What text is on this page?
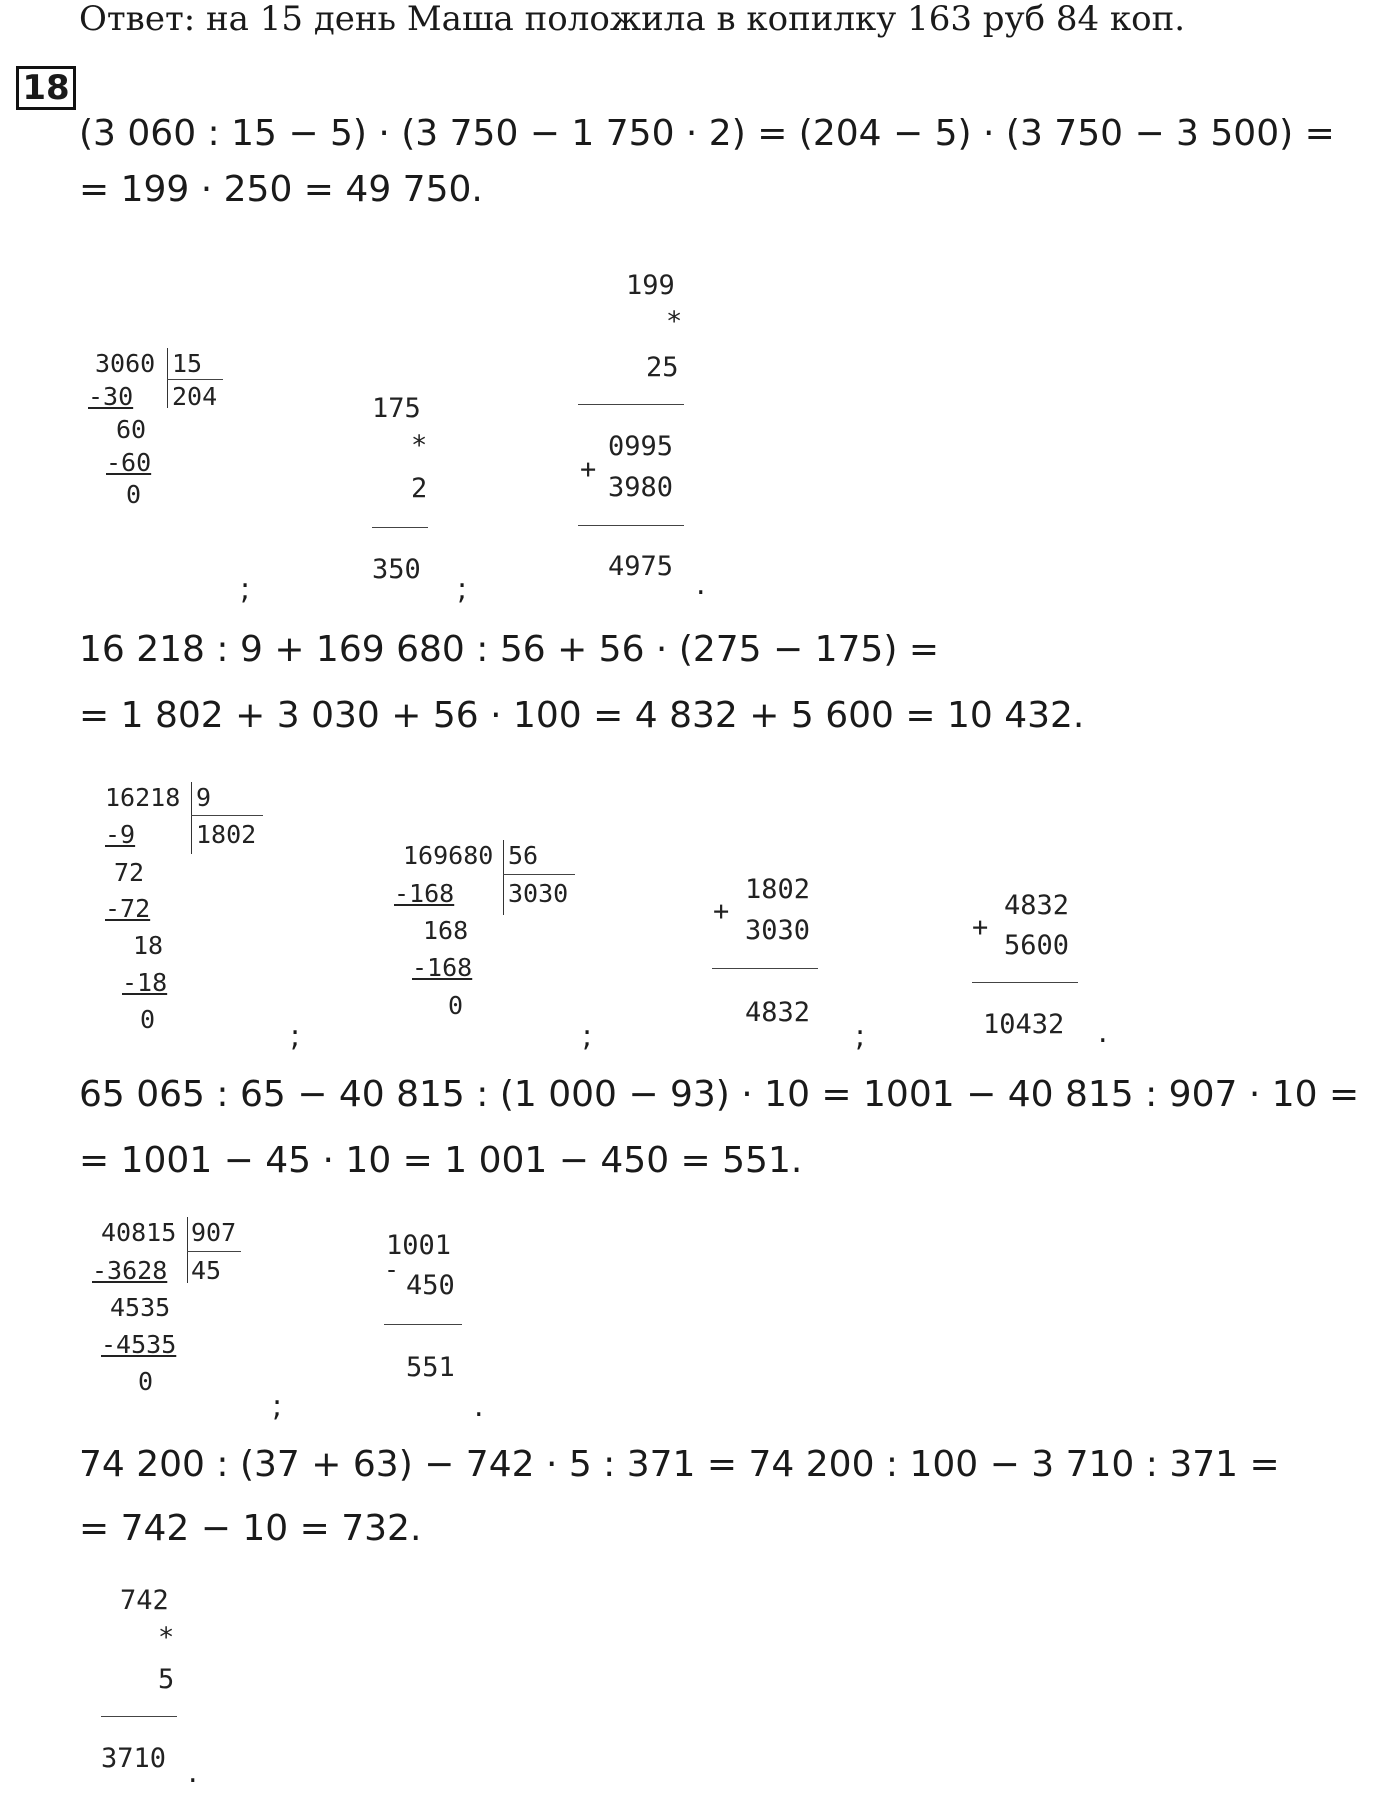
Ответ: на 15 день Маша положила в копилку 163 руб 84 коп.
18
(3 060 : 15 − 5) · (3 750 − 1 750 · 2) = (204 − 5) · (3 750 − 3 500) =
= 199 · 250 = 49 750.
3060 15
204
-30
60
-60
0
;
175
*
2
350
;
199
*
25
0995
+
3980
4975
.
16 218 : 9 + 169 680 : 56 + 56 · (275 − 175) =
= 1 802 + 3 030 + 56 · 100 = 4 832 + 5 600 = 10 432.
16218 9
1802
-9
72
-72
18
-18
0	;
169680 56
3030
-168
168
-168
0
;
+
1802
3030
4832
;
+
4832
5600
10432 .
65 065 : 65 − 40 815 : (1 000 − 93) · 10 = 1001 − 40 815 : 907 · 10 =
= 1001 − 45 · 10 = 1 001 − 450 = 551.
40815 907
45
-3628
4535
-4535
0
;
1001
-
450
551
.
74 200 : (37 + 63) − 742 · 5 : 371 = 74 200 : 100 − 3 710 : 371 =
= 742 − 10 = 732.
742
*
5
3710 .
